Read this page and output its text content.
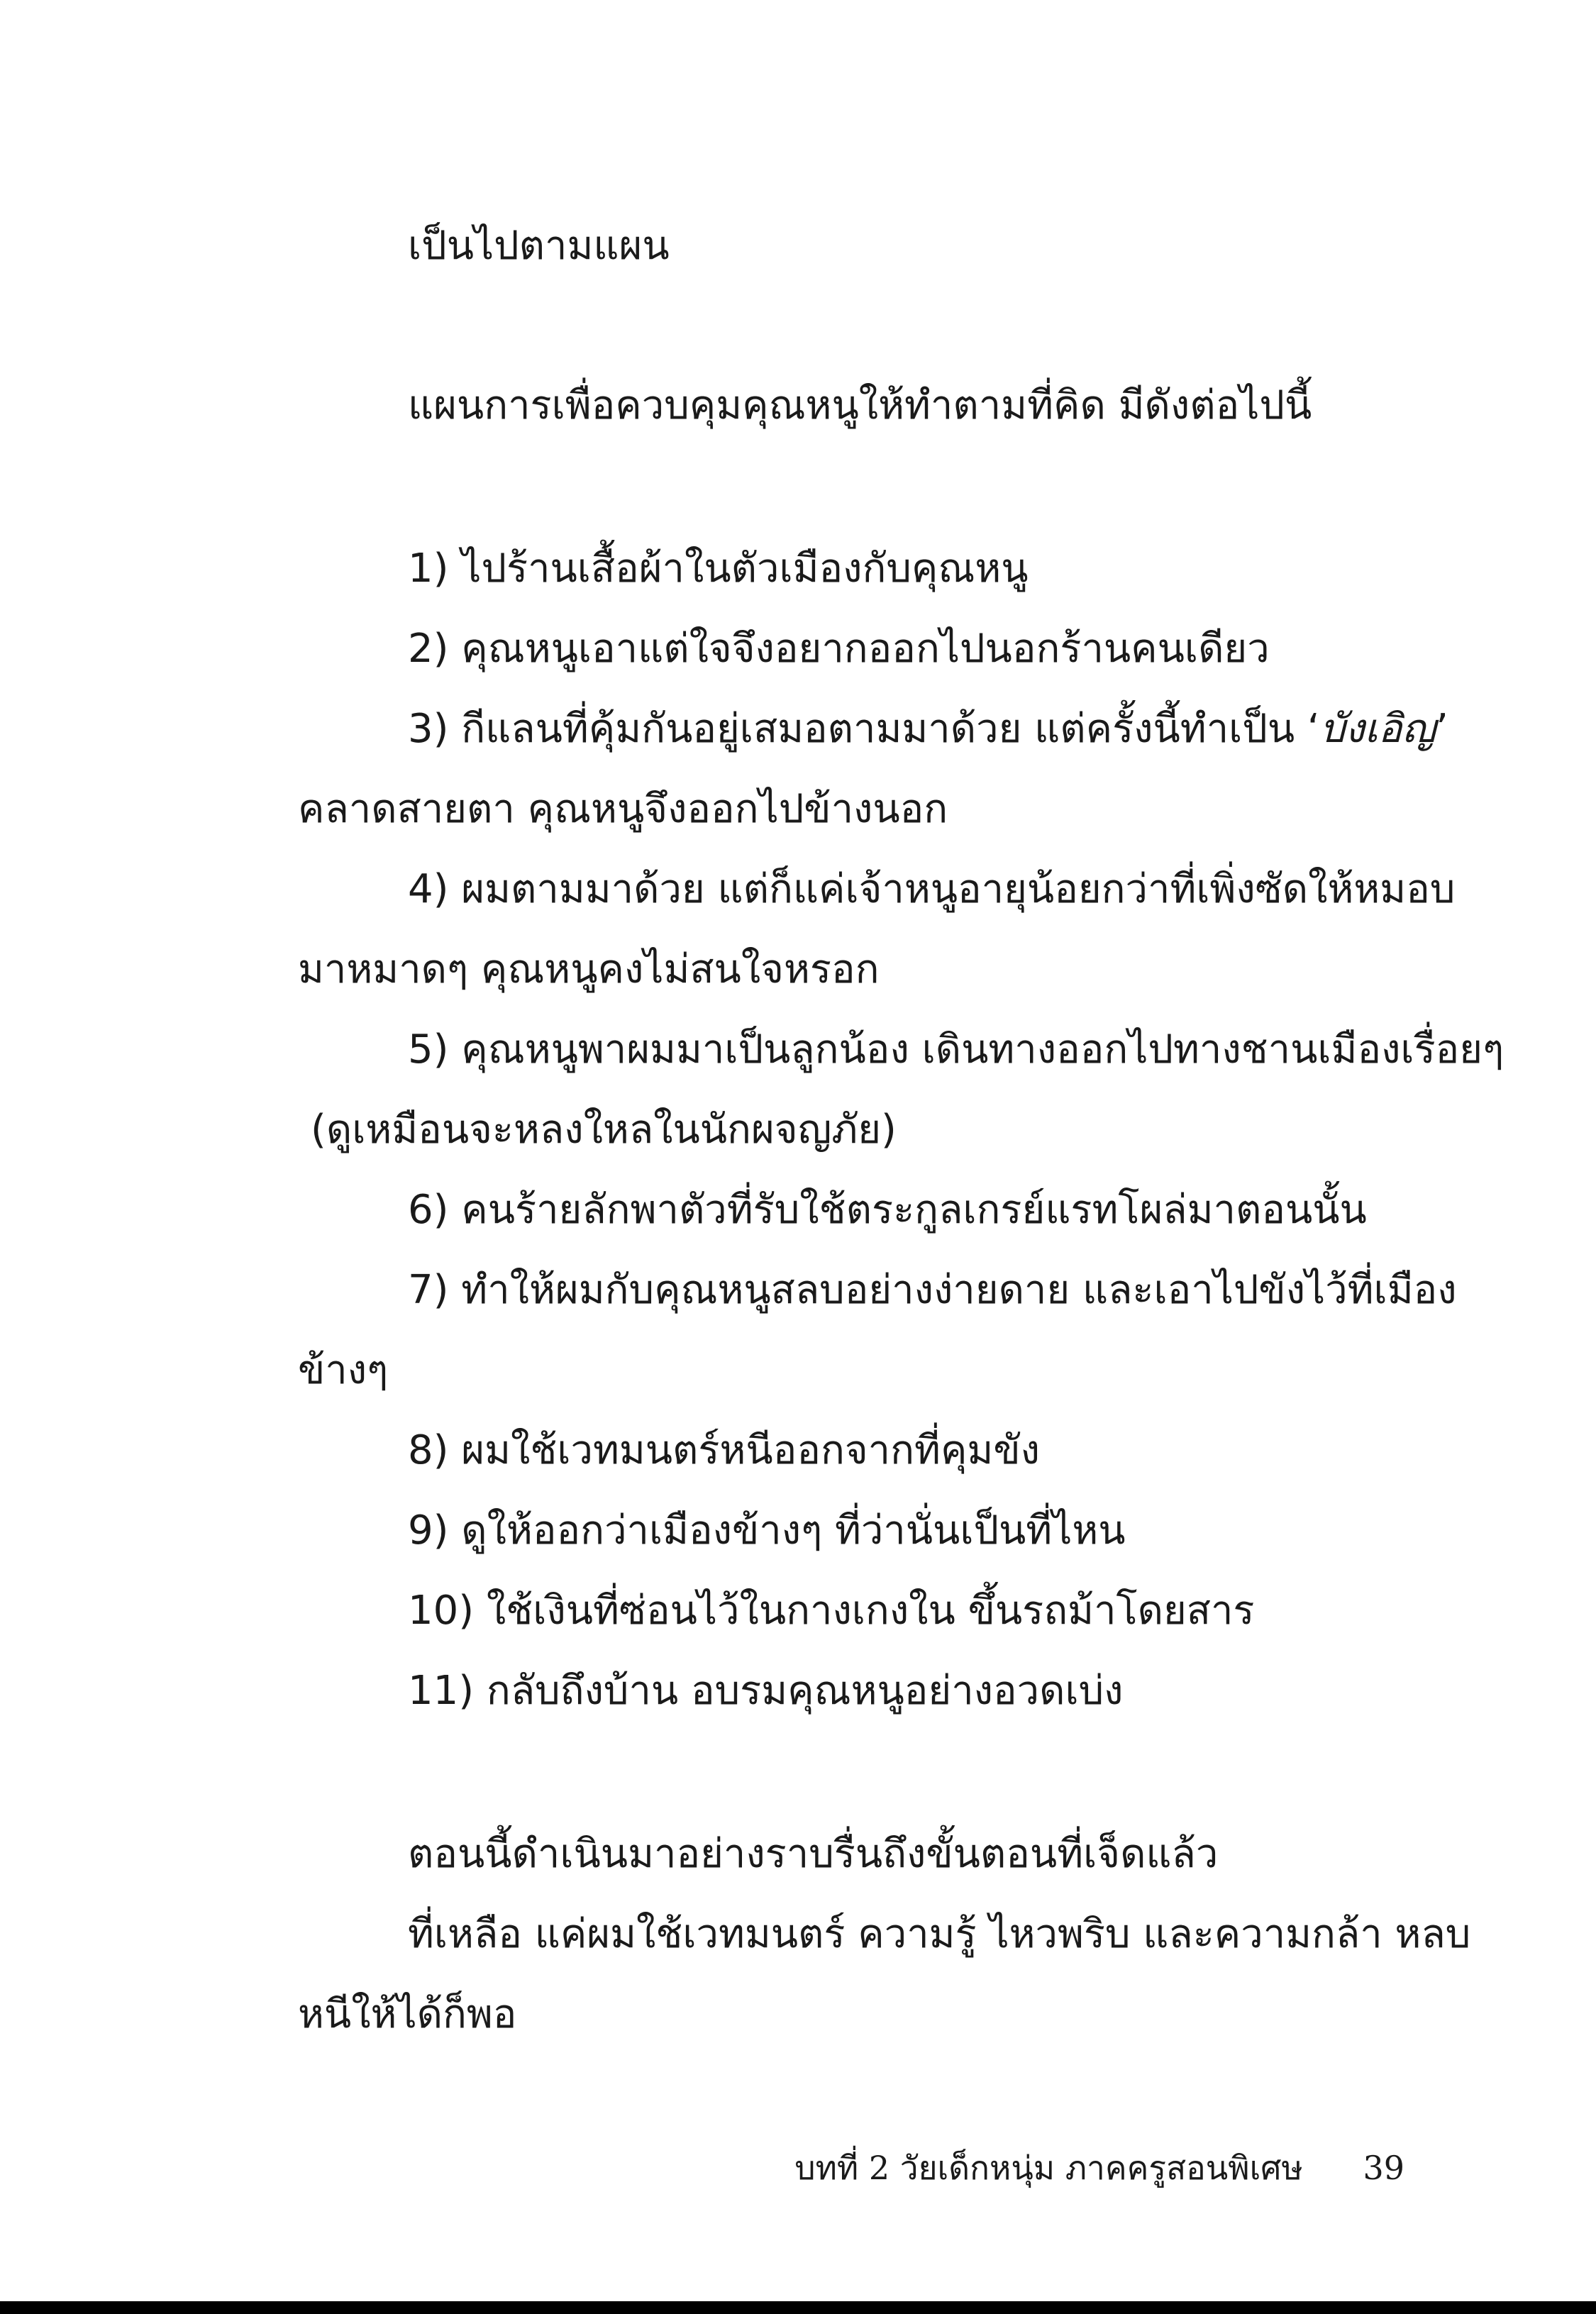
เป็นไปตามแผน
แผนการเพื่อควบคุมคุณหนูให้ทำตามที่คิด มีดังต่อไปนี้
1) ไปร้านเสื้อผ้าในตัวเมืองกับคุณหนู
2) คุณหนูเอาแต่ใจจึงอยากออกไปนอกร้านคนเดียว
3) กีแลนที่คุ้มกันอยู่เสมอตามมาด้วย แต่ครั้งนี้ทำเป็น ‘บังเอิญ’
คลาดสายตา คุณหนูจึงออกไปข้างนอก
4) ผมตามมาด้วย แต่ก็แค่เจ้าหนูอายุน้อยกว่าที่เพิ่งซัดให้หมอบ
มาหมาดๆ คุณหนูคงไม่สนใจหรอก
5) คุณหนูพาผมมาเป็นลูกน้อง เดินทางออกไปทางชานเมืองเรื่อยๆ
(ดูเหมือนจะหลงใหลในนักผจญภัย)
6) คนร้ายลักพาตัวที่รับใช้ตระกูลเกรย์แรทโผล่มาตอนนั้น
7) ทำให้ผมกับคุณหนูสลบอย่างง่ายดาย และเอาไปขังไว้ที่เมือง
ข้างๆ
8) ผมใช้เวทมนตร์หนีออกจากที่คุมขัง
9) ดูให้ออกว่าเมืองข้างๆ ที่ว่านั่นเป็นที่ไหน
10) ใช้เงินที่ซ่อนไว้ในกางเกงใน ขึ้นรถม้าโดยสาร
11) กลับถึงบ้าน อบรมคุณหนูอย่างอวดเบ่ง
ตอนนี้ดำเนินมาอย่างราบรื่นถึงขั้นตอนที่เจ็ดแล้ว
ที่เหลือ แค่ผมใช้เวทมนตร์ ความรู้ ไหวพริบ และความกล้า หลบ
หนีให้ได้ก็พอ
บทที่ 2 วัยเด็กหนุ่ม ภาคครูสอนพิเศษ 39
